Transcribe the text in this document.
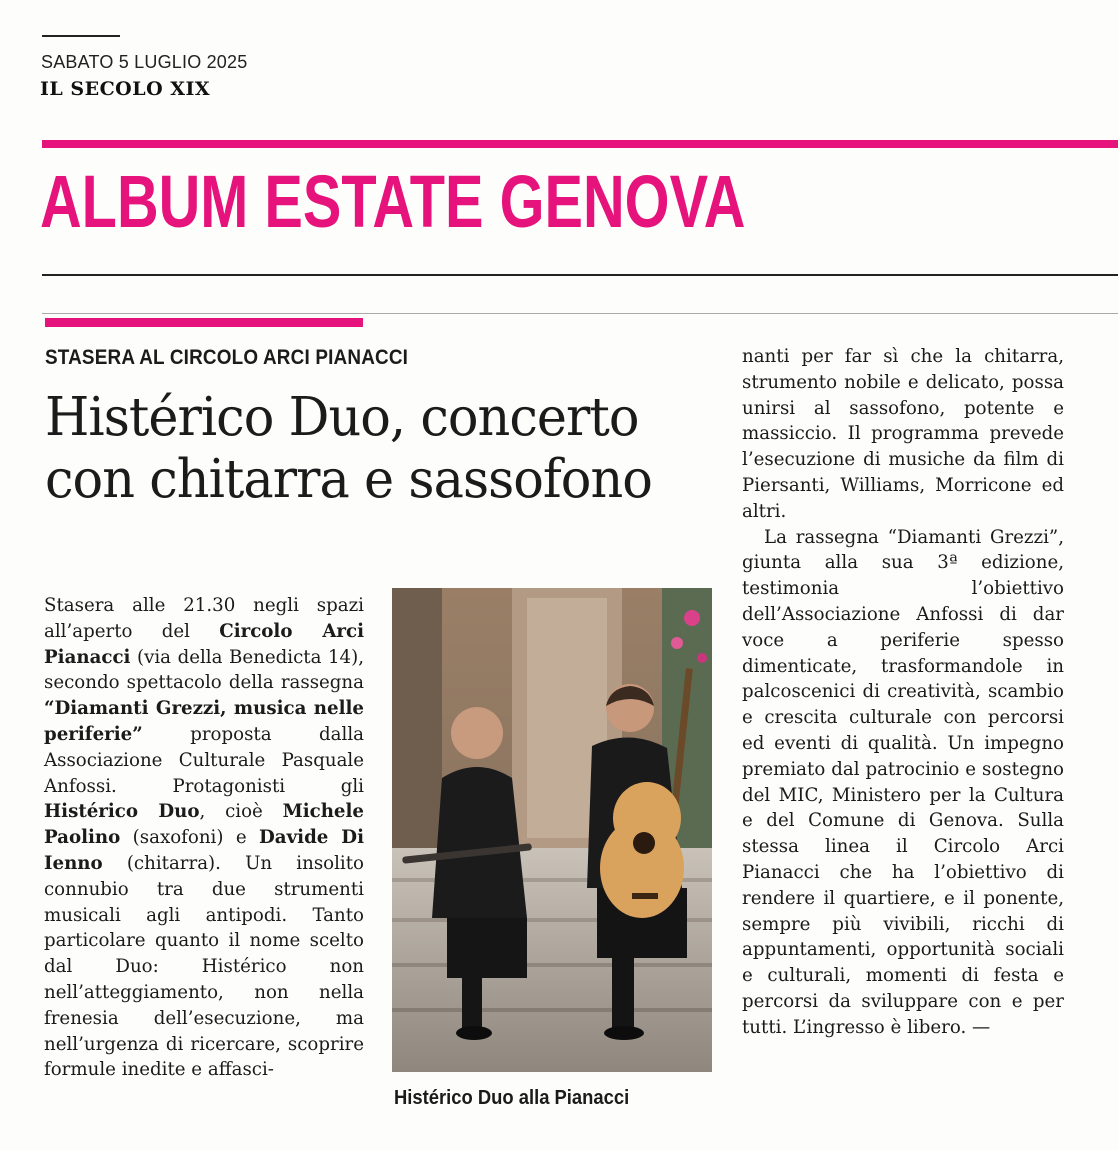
SABATO 5 LUGLIO 2025
IL SECOLO XIX
ALBUM ESTATE GENOVA
STASERA AL CIRCOLO ARCI PIANACCI
Histérico Duo, concerto
con chitarra e sassofono

Stasera alle 21.30 negli spazi all’aperto del Circolo Arci Pianacci (via della Benedicta 14), secondo spettacolo della rassegna “Diamanti Grezzi, musica nelle periferie” proposta dalla Associazione Culturale Pasquale Anfossi. Protagonisti gli Histérico Duo, cioè Michele Paolino (saxofoni) e Davide Di Ienno (chitarra). Un insolito connubio tra due strumenti musicali agli antipodi. Tanto particolare quanto il nome scelto dal Duo: Histérico non nell’atteggiamento, non nella frenesia dell’esecuzione, ma nell’urgenza di ricercare, scoprire formule inedite e affasci-

Histérico Duo alla Pianacci

nanti per far sì che la chitarra, strumento nobile e delicato, possa unirsi al sassofono, potente e massiccio. Il programma prevede l’esecuzione di musiche da film di Piersanti, Williams, Morricone ed altri.

La rassegna “Diamanti Grezzi”, giunta alla sua 3ª edizione, testimonia l’obiettivo dell’Associazione Anfossi di dar voce a periferie spesso dimenticate, trasformandole in palcoscenici di creatività, scambio e crescita culturale con percorsi ed eventi di qualità. Un impegno premiato dal patrocinio e sostegno del MIC, Ministero per la Cultura e del Comune di Genova. Sulla stessa linea il Circolo Arci Pianacci che ha l’obiettivo di rendere il quartiere, e il ponente, sempre più vivibili, ricchi di appuntamenti, opportunità sociali e culturali, momenti di festa e percorsi da sviluppare con e per tutti. L’ingresso è libero. —
